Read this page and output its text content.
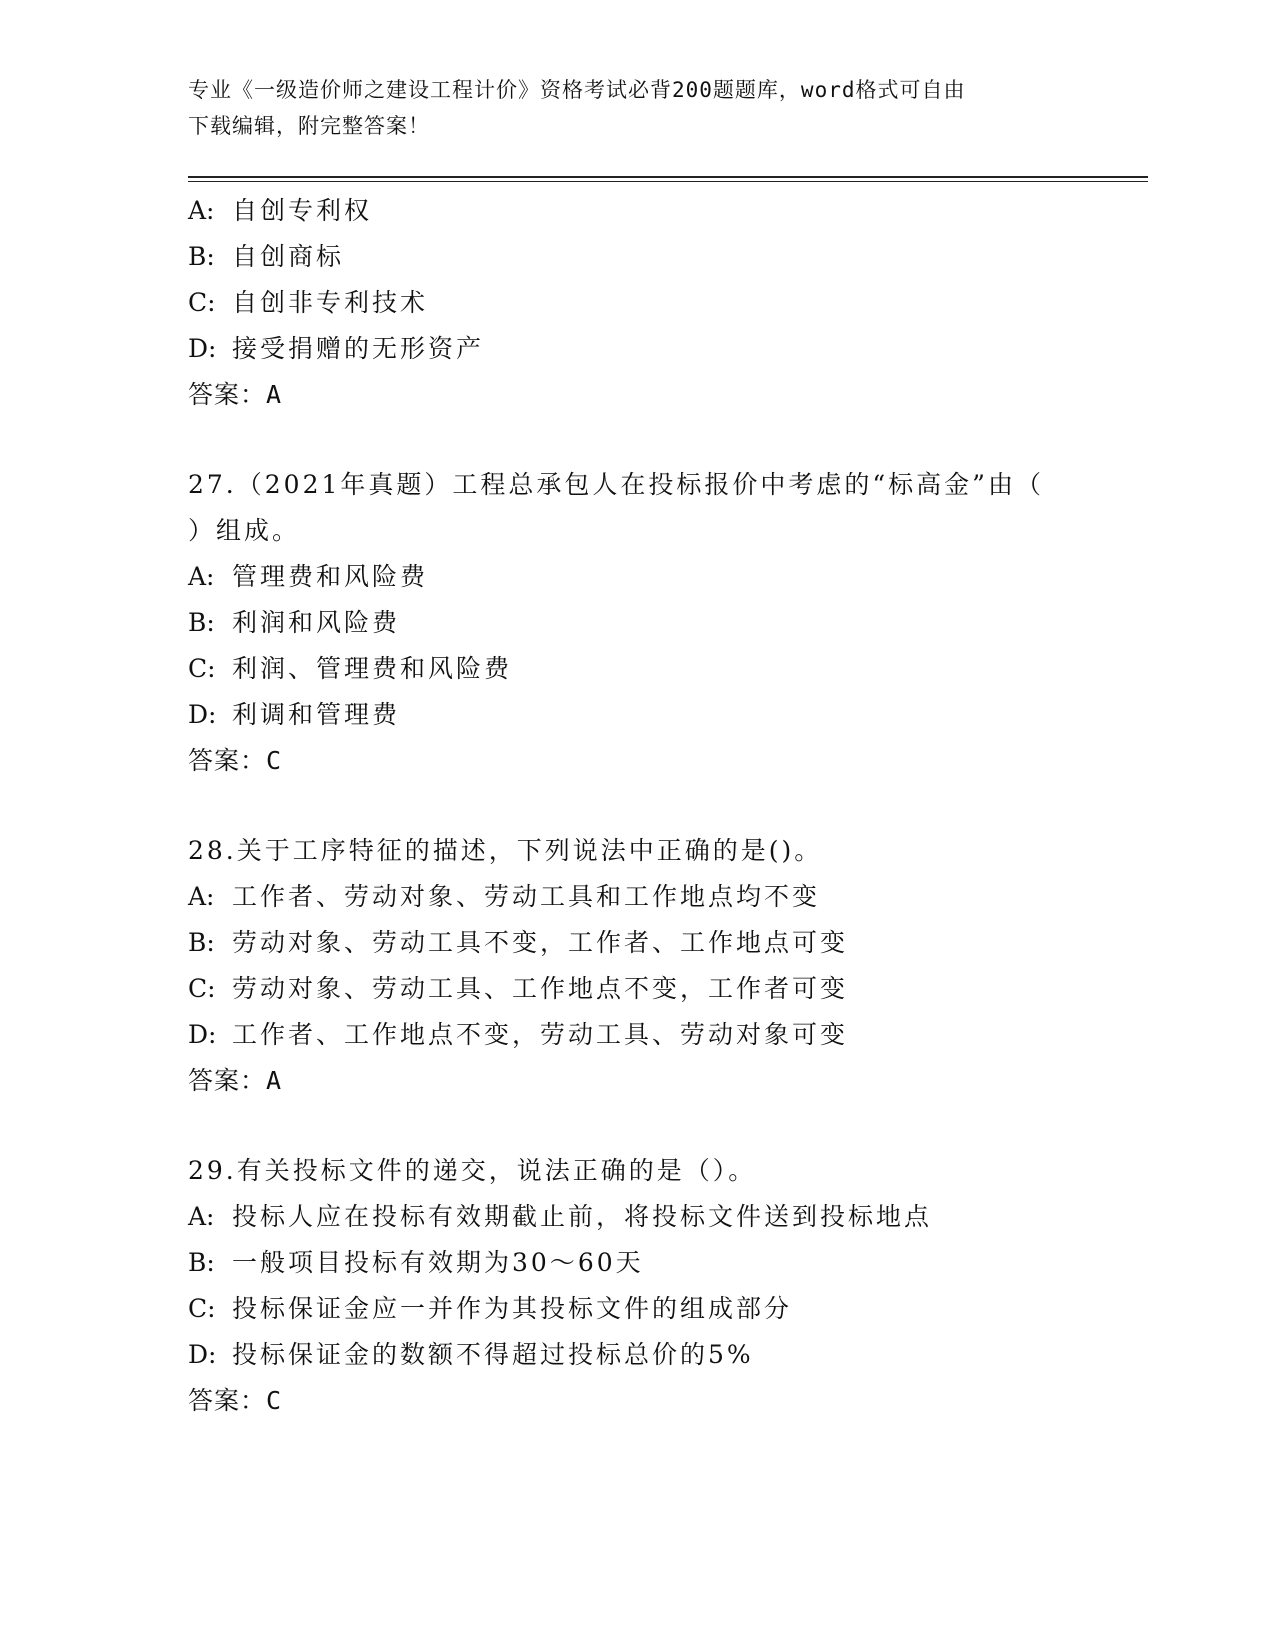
专业《一级造价师之建设工程计价》资格考试必背200题题库，word格式可自由
下载编辑，附完整答案！
A: 自创专利权
B: 自创商标
C: 自创非专利技术
D: 接受捐赠的无形资产
答案：A
27.（2021年真题）工程总承包人在投标报价中考虑的“标高金”由（
）组成。
A: 管理费和风险费
B: 利润和风险费
C: 利润、管理费和风险费
D: 利调和管理费
答案：C
28.关于工序特征的描述，下列说法中正确的是()。
A: 工作者、劳动对象、劳动工具和工作地点均不变
B: 劳动对象、劳动工具不变，工作者、工作地点可变
C: 劳动对象、劳动工具、工作地点不变，工作者可变
D: 工作者、工作地点不变，劳动工具、劳动对象可变
答案：A
29.有关投标文件的递交，说法正确的是（）。
A: 投标人应在投标有效期截止前，将投标文件送到投标地点
B: 一般项目投标有效期为30～60天
C: 投标保证金应一并作为其投标文件的组成部分
D: 投标保证金的数额不得超过投标总价的5%
答案：C
